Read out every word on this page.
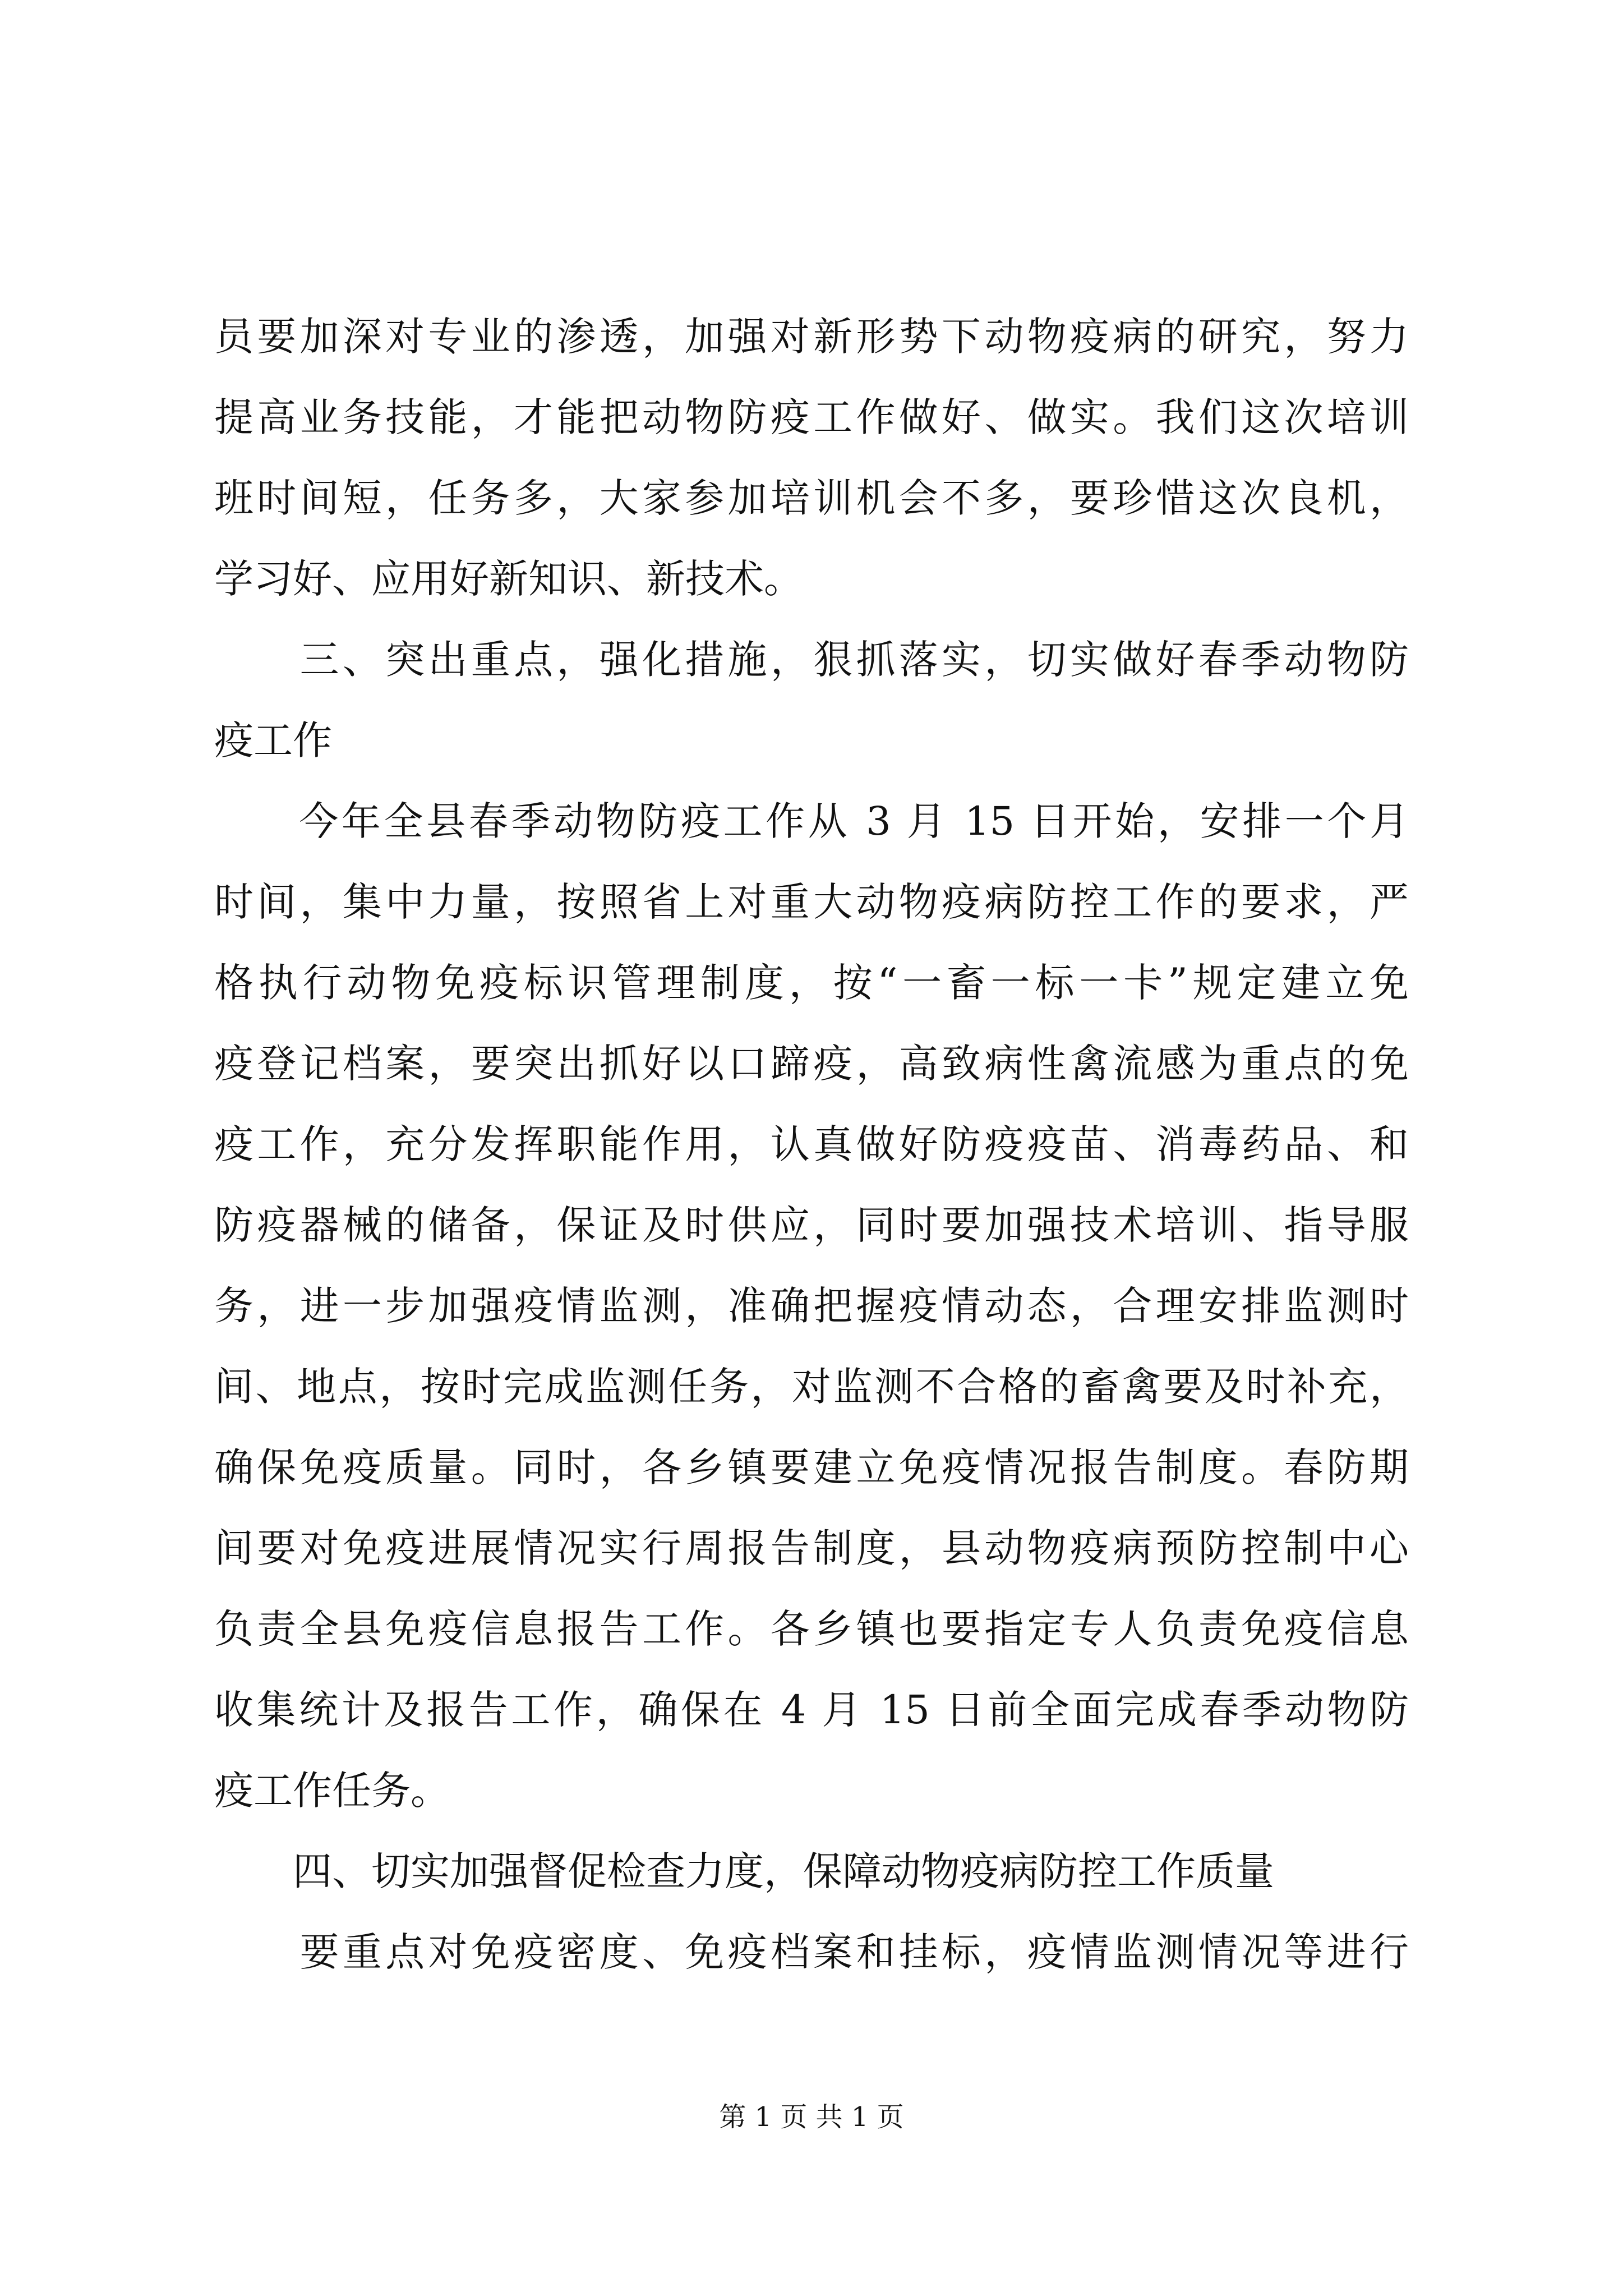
员要加深对专业的渗透，加强对新形势下动物疫病的研究，努力
提高业务技能，才能把动物防疫工作做好、做实。我们这次培训
班时间短，任务多，大家参加培训机会不多，要珍惜这次良机，
学习好、应用好新知识、新技术。
　　三、突出重点，强化措施，狠抓落实，切实做好春季动物防
疫工作
　　今年全县春季动物防疫工作从 3 月 15 日开始，安排一个月
时间，集中力量，按照省上对重大动物疫病防控工作的要求，严
格执行动物免疫标识管理制度，按“一畜一标一卡”规定建立免
疫登记档案，要突出抓好以口蹄疫，高致病性禽流感为重点的免
疫工作，充分发挥职能作用，认真做好防疫疫苗、消毒药品、和
防疫器械的储备，保证及时供应，同时要加强技术培训、指导服
务，进一步加强疫情监测，准确把握疫情动态，合理安排监测时
间、地点，按时完成监测任务，对监测不合格的畜禽要及时补充，
确保免疫质量。同时，各乡镇要建立免疫情况报告制度。春防期
间要对免疫进展情况实行周报告制度，县动物疫病预防控制中心
负责全县免疫信息报告工作。各乡镇也要指定专人负责免疫信息
收集统计及报告工作，确保在 4 月 15 日前全面完成春季动物防
疫工作任务。
　　四、切实加强督促检查力度，保障动物疫病防控工作质量
　　要重点对免疫密度、免疫档案和挂标，疫情监测情况等进行
第 1 页 共 1 页
